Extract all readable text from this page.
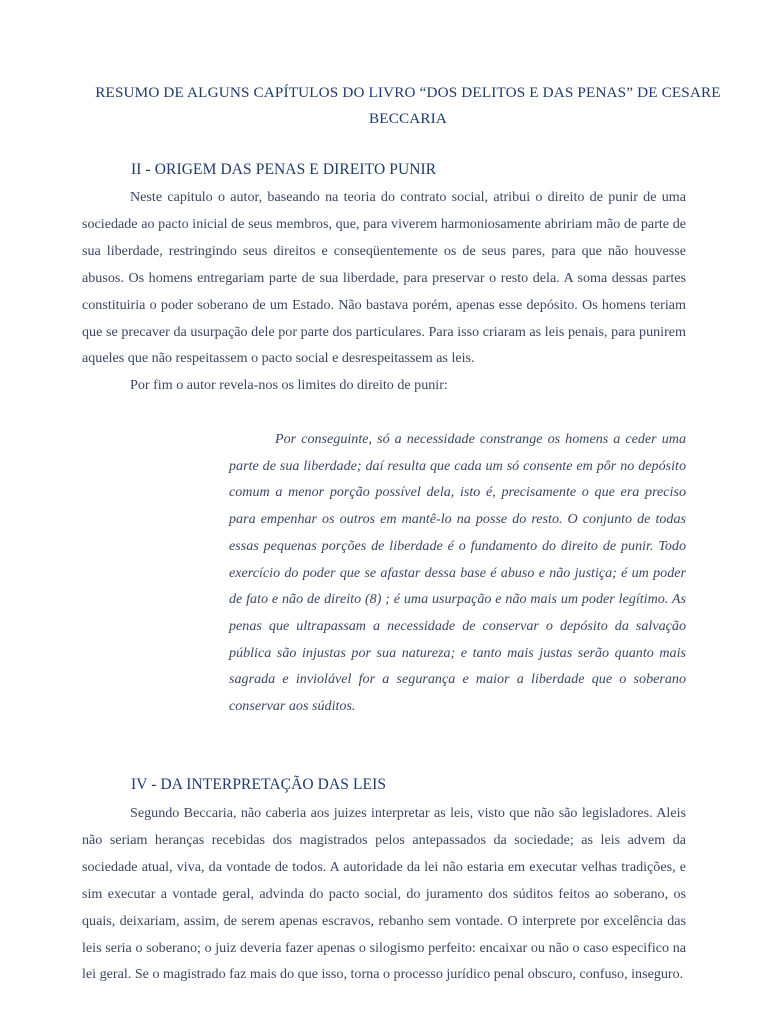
RESUMO DE ALGUNS CAPÍTULOS DO LIVRO “DOS DELITOS E DAS PENAS” DE CESARE BECCARIA
II - ORIGEM DAS PENAS E DIREITO PUNIR

Neste capitulo o autor, baseando na teoria do contrato social, atribui o direito de punir de uma sociedade ao pacto inicial de seus membros, que, para viverem harmoniosamente abririam mão de parte de sua liberdade, restringindo seus direitos e conseqüentemente os de seus pares, para que não houvesse abusos. Os homens entregariam parte de sua liberdade, para preservar o resto dela. A soma dessas partes constituiria o poder soberano de um Estado. Não bastava porém, apenas esse depósito. Os homens teriam que se precaver da usurpação dele por parte dos particulares. Para isso criaram as leis penais, para punirem aqueles que não respeitassem o pacto social e desrespeitassem as leis.

Por fim o autor revela-nos os limites do direito de punir:

Por conseguinte, só a necessidade constrange os homens a ceder uma parte de sua liberdade; daí resulta que cada um só consente em pôr no depósito comum a menor porção possível dela, isto é, precisamente o que era preciso para empenhar os outros em mantê-lo na posse do resto. O conjunto de todas essas pequenas porções de liberdade é o fundamento do direito de punir. Todo exercício do poder que se afastar dessa base é abuso e não justiça; é um poder de fato e não de direito (8) ; é uma usurpação e não mais um poder legítimo. As penas que ultrapassam a necessidade de conservar o depósito da salvação pública são injustas por sua natureza; e tanto mais justas serão quanto mais sagrada e inviolável for a segurança e maior a liberdade que o soberano conservar aos súditos.

IV - DA INTERPRETAÇÃO DAS LEIS

Segundo Beccaria, não caberia aos juizes interpretar as leis, visto que não são legisladores. Aleis não seriam heranças recebidas dos magistrados pelos antepassados da sociedade; as leis advem da sociedade atual, viva, da vontade de todos. A autoridade da lei não estaria em executar velhas tradições, e sim executar a vontade geral, advinda do pacto social, do juramento dos súditos feitos ao soberano, os quais, deixariam, assim, de serem apenas escravos, rebanho sem vontade. O interprete por excelência das leis seria o soberano; o juiz deveria fazer apenas o silogismo perfeito: encaixar ou não o caso especifico na lei geral. Se o magistrado faz mais do que isso, torna o processo jurídico penal obscuro, confuso, inseguro.
